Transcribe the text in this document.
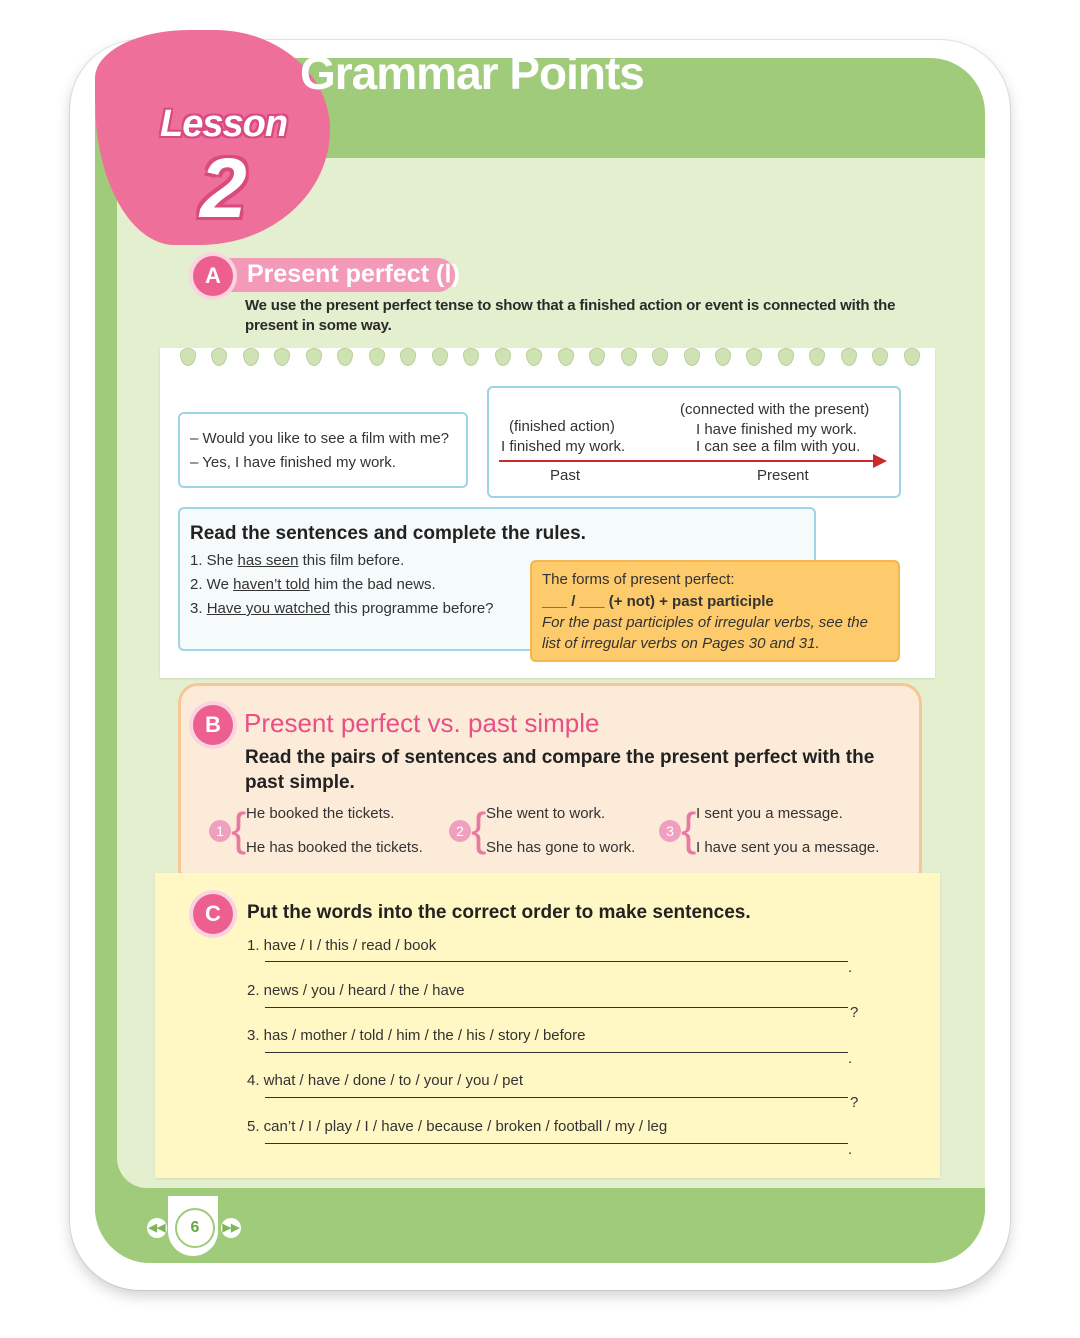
Lesson
2
Grammar Points
A	Present perfect (Ⅰ)
We use the present perfect tense to show that a finished action or event is connected with the present in some way.
– Would you like to see a film with me?
– Yes, I have finished my work.
(finished action)
I finished my work.
(connected with the present)
I have finished my work.
I can see a film with you.
Past	Present
Read the sentences and complete the rules.
1. She has seen this film before.
2. We haven’t told him the bad news.
3. Have you watched this programme before?
The forms of present perfect:
___ / ___ (+ not) + past participle
For the past participles of irregular verbs, see the
list of irregular verbs on Pages 30 and 31.
B Present perfect vs. past simple
Read the pairs of sentences and compare the present perfect with the past simple.
1 { He booked the tickets.
He has booked the tickets.
2 { She went to work.
She has gone to work.
3 { I sent you a message.
I have sent you a message.
C	Put the words into the correct order to make sentences.
1. have / I / this / read / book
.
2. news / you / heard / the / have
?
3. has / mother / told / him / the / his / story / before
.
4. what / have / done / to / your / you / pet
?
5. can’t / I / play / I / have / because / broken / football / my / leg
.
◀◀	6	▶▶
